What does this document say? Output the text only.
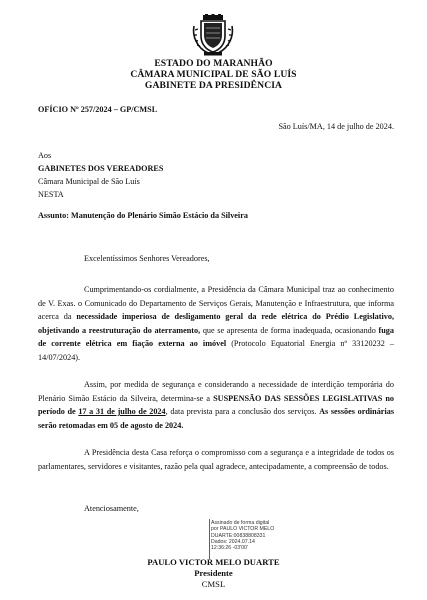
ESTADO DO MARANHÃO
CÂMARA MUNICIPAL DE SÃO LUÍS
GABINETE DA PRESIDÊNCIA
OFÍCIO Nº 257/2024 – GP/CMSL
São Luís/MA, 14 de julho de 2024.
Aos
GABINETES DOS VEREADORES
Câmara Municipal de São Luís
NESTA
Assunto: Manutenção do Plenário Simão Estácio da Silveira
Excelentíssimos Senhores Vereadores,

Cumprimentando-os cordialmente, a Presidência da Câmara Municipal traz ao conhecimento de V. Exas. o Comunicado do Departamento de Serviços Gerais, Manutenção e Infraestrutura, que informa acerca da necessidade imperiosa de desligamento geral da rede elétrica do Prédio Legislativo, objetivando a reestruturação do aterramento, que se apresenta de forma inadequada, ocasionando fuga de corrente elétrica em fiação externa ao imóvel (Protocolo Equatorial Energia nº 33120232 – 14/07/2024).

Assim, por medida de segurança e considerando a necessidade de interdição temporária do Plenário Simão Estácio da Silveira, determina-se a SUSPENSÃO DAS SESSÕES LEGISLATIVAS no período de 17 a 31 de julho de 2024, data prevista para a conclusão dos serviços. As sessões ordinárias serão retomadas em 05 de agosto de 2024.

A Presidência desta Casa reforça o compromisso com a segurança e a integridade de todos os parlamentares, servidores e visitantes, razão pela qual agradece, antecipadamente, a compreensão de todos.

Atenciosamente,
Assinado de forma digital
por PAULO VICTOR MELO
DUARTE:00838808331
Dados: 2024.07.14
12:36:26 -03'00'
PAULO VICTOR MELO DUARTE
Presidente
CMSL
